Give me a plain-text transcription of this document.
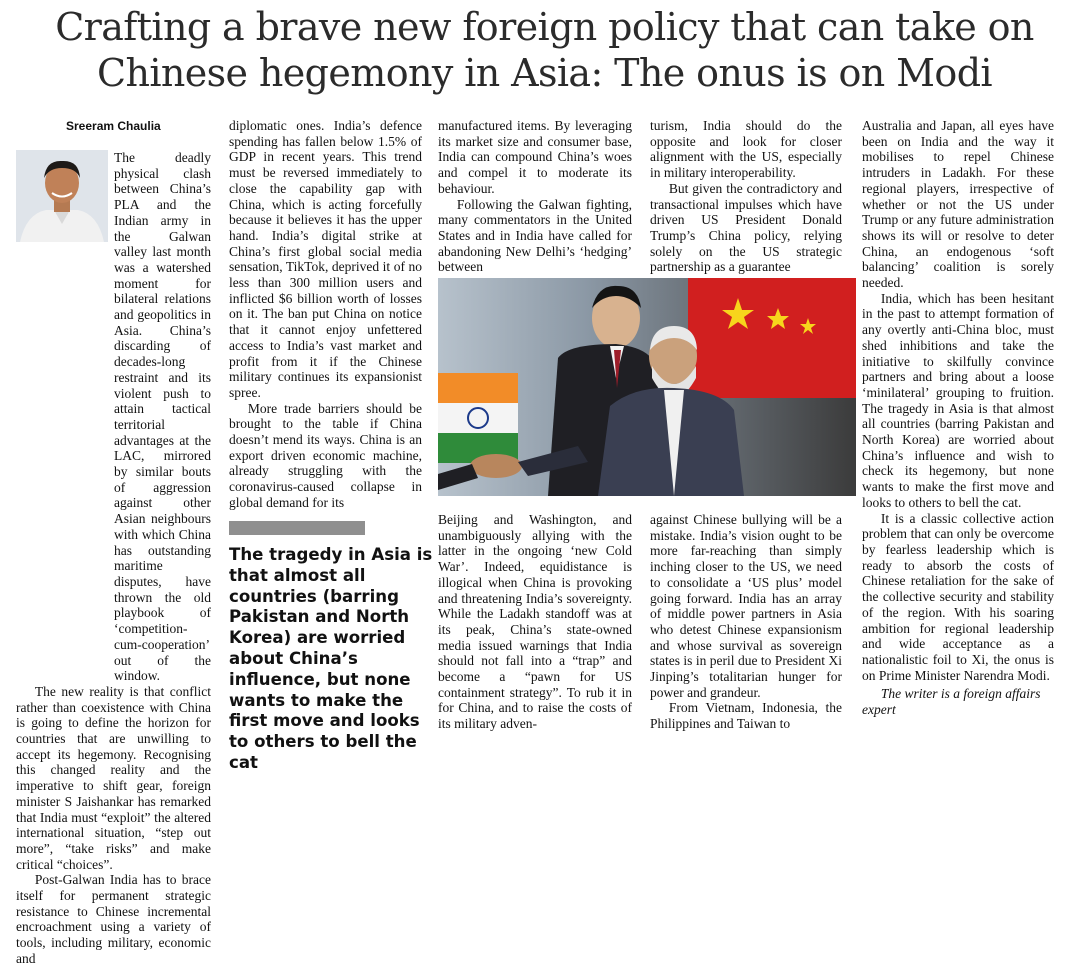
Crafting a brave new foreign policy that can take on
Chinese hegemony in Asia: The onus is on Modi
Sreeram Chaulia

The deadly physical clash between China’s PLA and the Indian army in the Galwan valley last month was a watershed moment for bilateral relations and geopolitics in Asia. China’s discarding of decades-long restraint and its violent push to attain tactical territorial advantages at the LAC, mirrored by similar bouts of aggression against other Asian neighbours with which China has outstanding maritime disputes, have thrown the old playbook of ‘competition-cum-cooperation’ out of the window.

The new reality is that conflict rather than coexistence with China is going to define the horizon for countries that are unwilling to accept its hegemony. Recognising this changed reality and the imperative to shift gear, foreign minister S Jaishankar has remarked that India must “exploit” the altered international situation, “step out more”, “take risks” and make critical “choices”.

Post-Galwan India has to brace itself for permanent strategic resistance to Chinese incremental encroachment using a variety of tools, including military, economic and

diplomatic ones. India’s defence spending has fallen below 1.5% of GDP in recent years. This trend must be reversed immediately to close the capability gap with China, which is acting forcefully because it believes it has the upper hand. India’s digital strike at China’s first global social media sensation, TikTok, deprived it of no less than 300 million users and inflicted $6 billion worth of losses on it. The ban put China on notice that it cannot enjoy unfettered access to India’s vast market and profit from it if the Chinese military continues its expansionist spree.

More trade barriers should be brought to the table if China doesn’t mend its ways. China is an export driven economic machine, already struggling with the coronavirus-caused collapse in global demand for its

The tragedy in Asia is that almost all countries (barring Pakistan and North Korea) are worried about China’s influence, but none wants to make the first move and looks to others to bell the cat

manufactured items. By leveraging its market size and consumer base, India can compound China’s woes and compel it to moderate its behaviour.

Following the Galwan fighting, many commentators in the United States and in India have called for abandoning New Delhi’s ‘hedging’ between

turism, India should do the opposite and look for closer alignment with the US, especially in military interoperability.

But given the contradictory and transactional impulses which have driven US President Donald Trump’s China policy, relying solely on the US strategic partnership as a guarantee

Beijing and Washington, and unambiguously allying with the latter in the ongoing ‘new Cold War’. Indeed, equidistance is illogical when China is provoking and threatening India’s sovereignty. While the Ladakh standoff was at its peak, China’s state-owned media issued warnings that India should not fall into a “trap” and become a “pawn for US containment strategy”. To rub it in for China, and to raise the costs of its military adven-

against Chinese bullying will be a mistake. India’s vision ought to be more far-reaching than simply inching closer to the US, we need to consolidate a ‘US plus’ model going forward. India has an array of middle power partners in Asia who detest Chinese expansionism and whose survival as sovereign states is in peril due to President Xi Jinping’s totalitarian hunger for power and grandeur.

From Vietnam, Indonesia, the Philippines and Taiwan to

Australia and Japan, all eyes have been on India and the way it mobilises to repel Chinese intruders in Ladakh. For these regional players, irrespective of whether or not the US under Trump or any future administration shows its will or resolve to deter China, an endogenous ‘soft balancing’ coalition is sorely needed.

India, which has been hesitant in the past to attempt formation of any overtly anti-China bloc, must shed inhibitions and take the initiative to skilfully convince partners and bring about a loose ‘minilateral’ grouping to fruition. The tragedy in Asia is that almost all countries (barring Pakistan and North Korea) are worried about China’s influence and wish to check its hegemony, but none wants to make the first move and looks to others to bell the cat.

It is a classic collective action problem that can only be overcome by fearless leadership which is ready to absorb the costs of Chinese retaliation for the sake of the collective security and stability of the region. With his soaring ambition for regional leadership and wide acceptance as a nationalistic foil to Xi, the onus is on Prime Minister Narendra Modi.

The writer is a foreign affairs expert
